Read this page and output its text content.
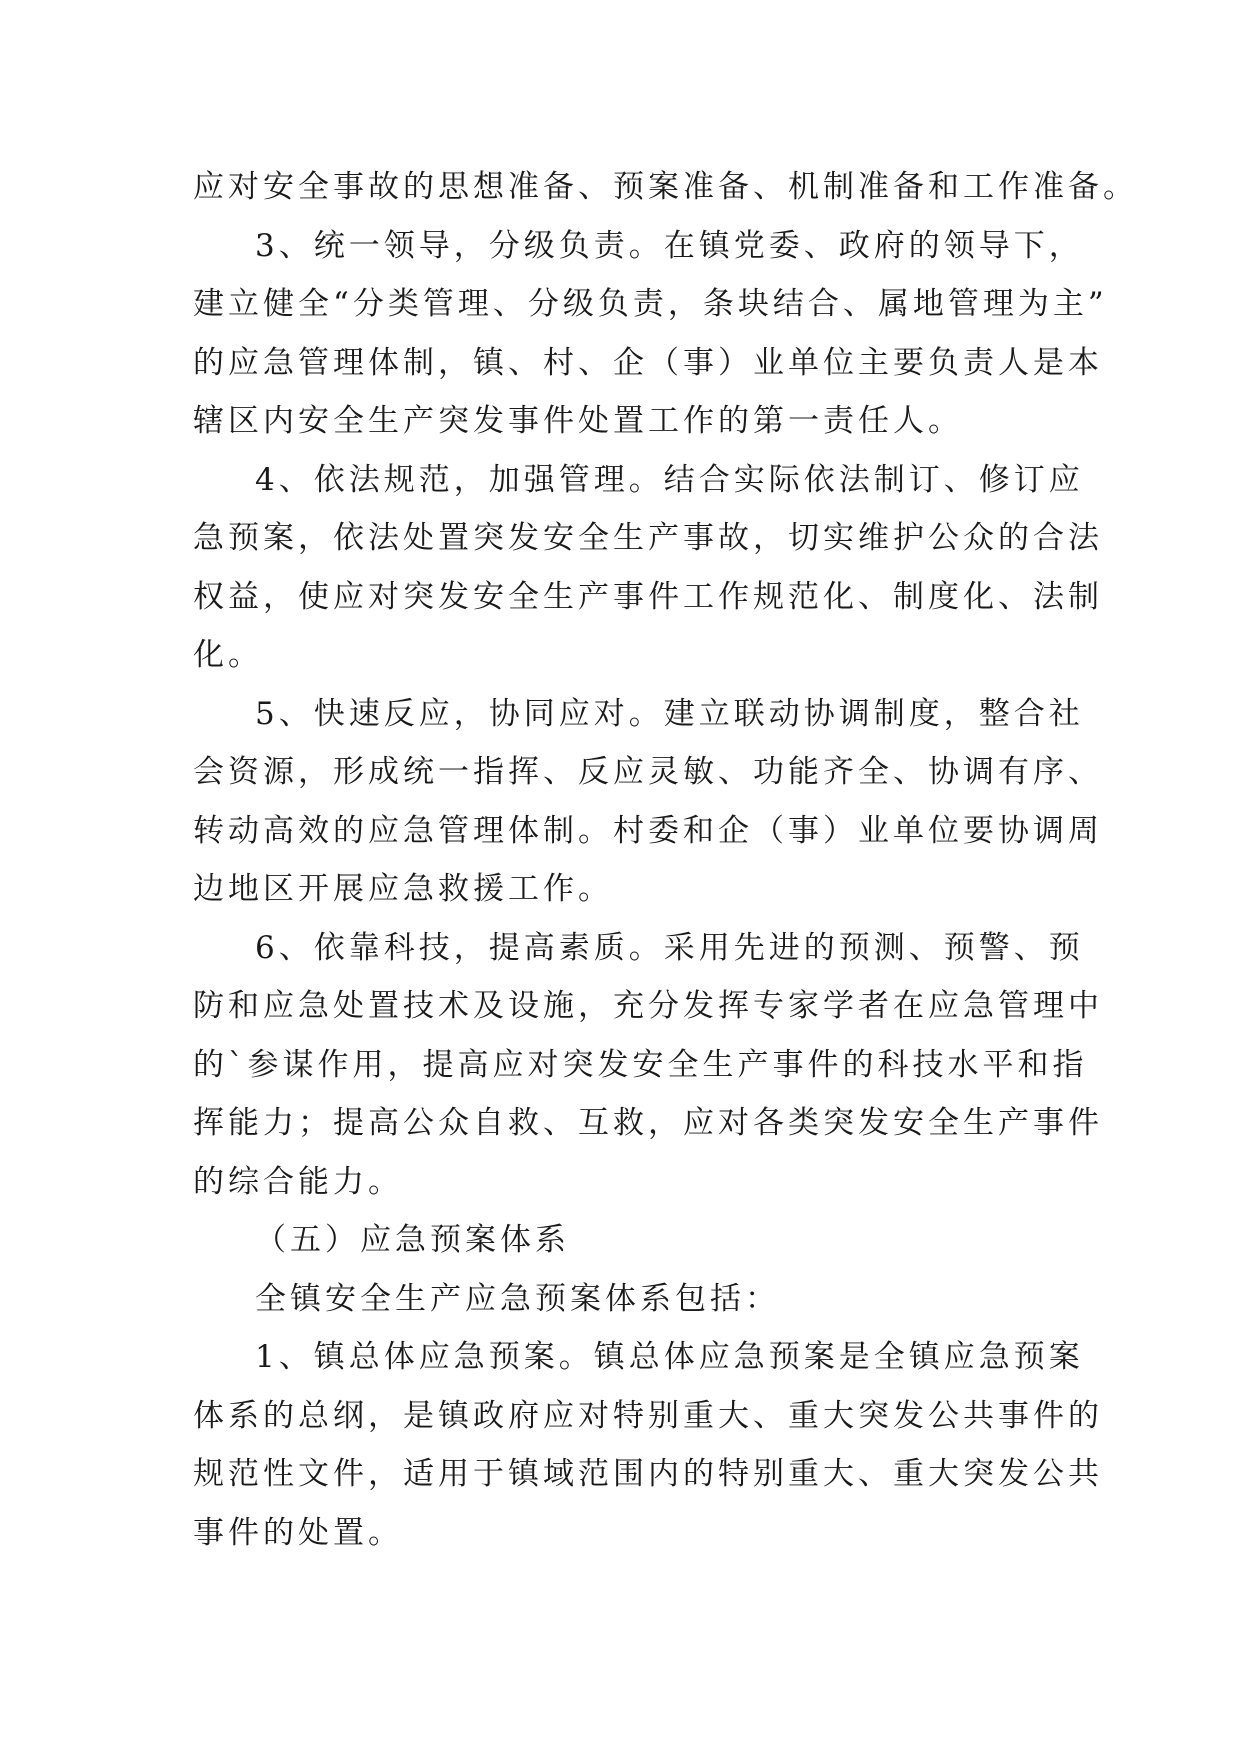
应对安全事故的思想准备、预案准备、机制准备和工作准备。
3、统一领导，分级负责。在镇党委、政府的领导下，
建立健全“分类管理、分级负责，条块结合、属地管理为主”
的应急管理体制，镇、村、企（事）业单位主要负责人是本
辖区内安全生产突发事件处置工作的第一责任人。
4、依法规范，加强管理。结合实际依法制订、修订应
急预案，依法处置突发安全生产事故，切实维护公众的合法
权益，使应对突发安全生产事件工作规范化、制度化、法制
化。
5、快速反应，协同应对。建立联动协调制度，整合社
会资源，形成统一指挥、反应灵敏、功能齐全、协调有序、
转动高效的应急管理体制。村委和企（事）业单位要协调周
边地区开展应急救援工作。
6、依靠科技，提高素质。采用先进的预测、预警、预
防和应急处置技术及设施，充分发挥专家学者在应急管理中
的`参谋作用，提高应对突发安全生产事件的科技水平和指
挥能力；提高公众自救、互救，应对各类突发安全生产事件
的综合能力。
（五）应急预案体系
全镇安全生产应急预案体系包括：
1、镇总体应急预案。镇总体应急预案是全镇应急预案
体系的总纲，是镇政府应对特别重大、重大突发公共事件的
规范性文件，适用于镇域范围内的特别重大、重大突发公共
事件的处置。
